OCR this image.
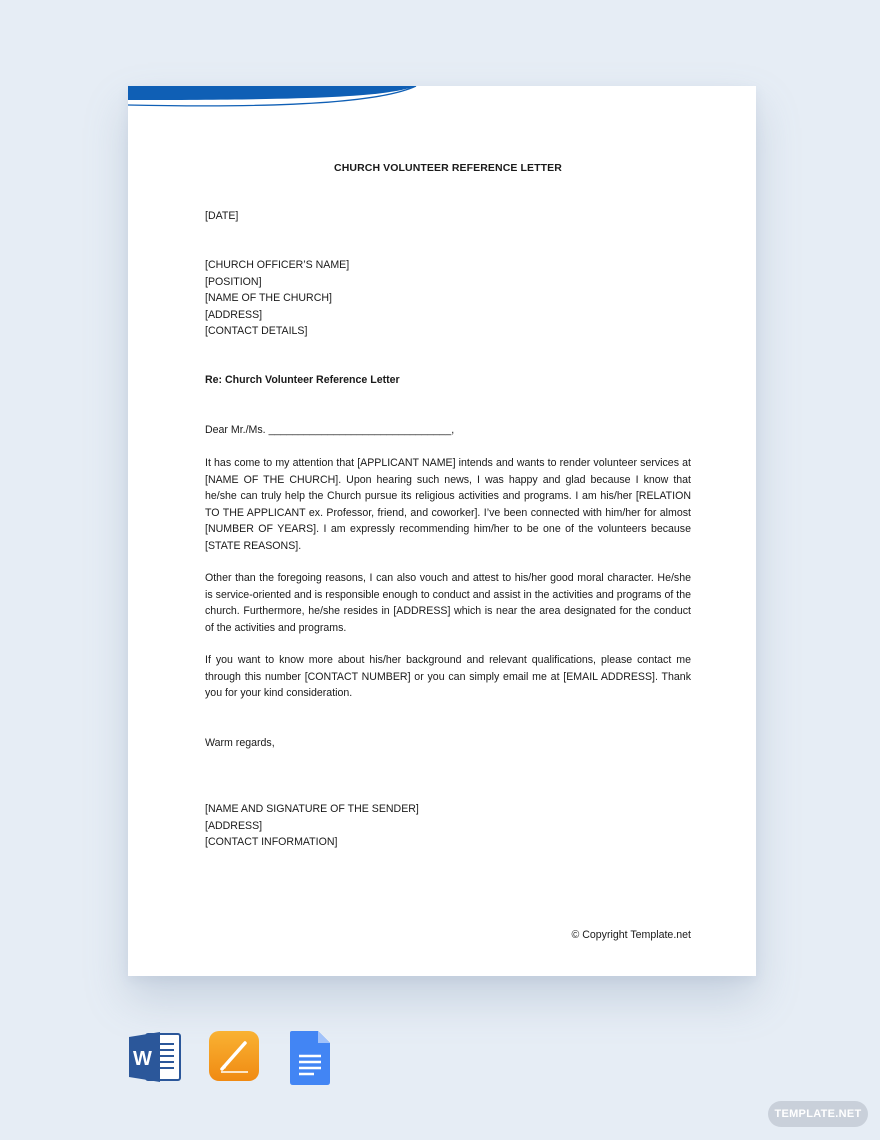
CHURCH VOLUNTEER REFERENCE LETTER
[DATE]
[CHURCH OFFICER’S NAME]
[POSITION]
[NAME OF THE CHURCH]
[ADDRESS]
[CONTACT DETAILS]
Re: Church Volunteer Reference Letter
Dear Mr./Ms. _______________________________,
It has come to my attention that [APPLICANT NAME] intends and wants to render volunteer services at [NAME OF THE CHURCH]. Upon hearing such news, I was happy and glad because I know that he/she can truly help the Church pursue its religious activities and programs. I am his/her [RELATION TO THE APPLICANT ex. Professor, friend, and coworker]. I’ve been connected with him/her for almost [NUMBER OF YEARS]. I am expressly recommending him/her to be one of the volunteers because [STATE REASONS].
Other than the foregoing reasons, I can also vouch and attest to his/her good moral character. He/she is service-oriented and is responsible enough to conduct and assist in the activities and programs of the church. Furthermore, he/she resides in [ADDRESS] which is near the area designated for the conduct of the activities and programs.
If you want to know more about his/her background and relevant qualifications, please contact me through this number [CONTACT NUMBER] or you can simply email me at [EMAIL ADDRESS]. Thank you for your kind consideration.
Warm regards,
[NAME AND SIGNATURE OF THE SENDER]
[ADDRESS]
[CONTACT INFORMATION]
© Copyright Template.net
W
TEMPLATE.NET
